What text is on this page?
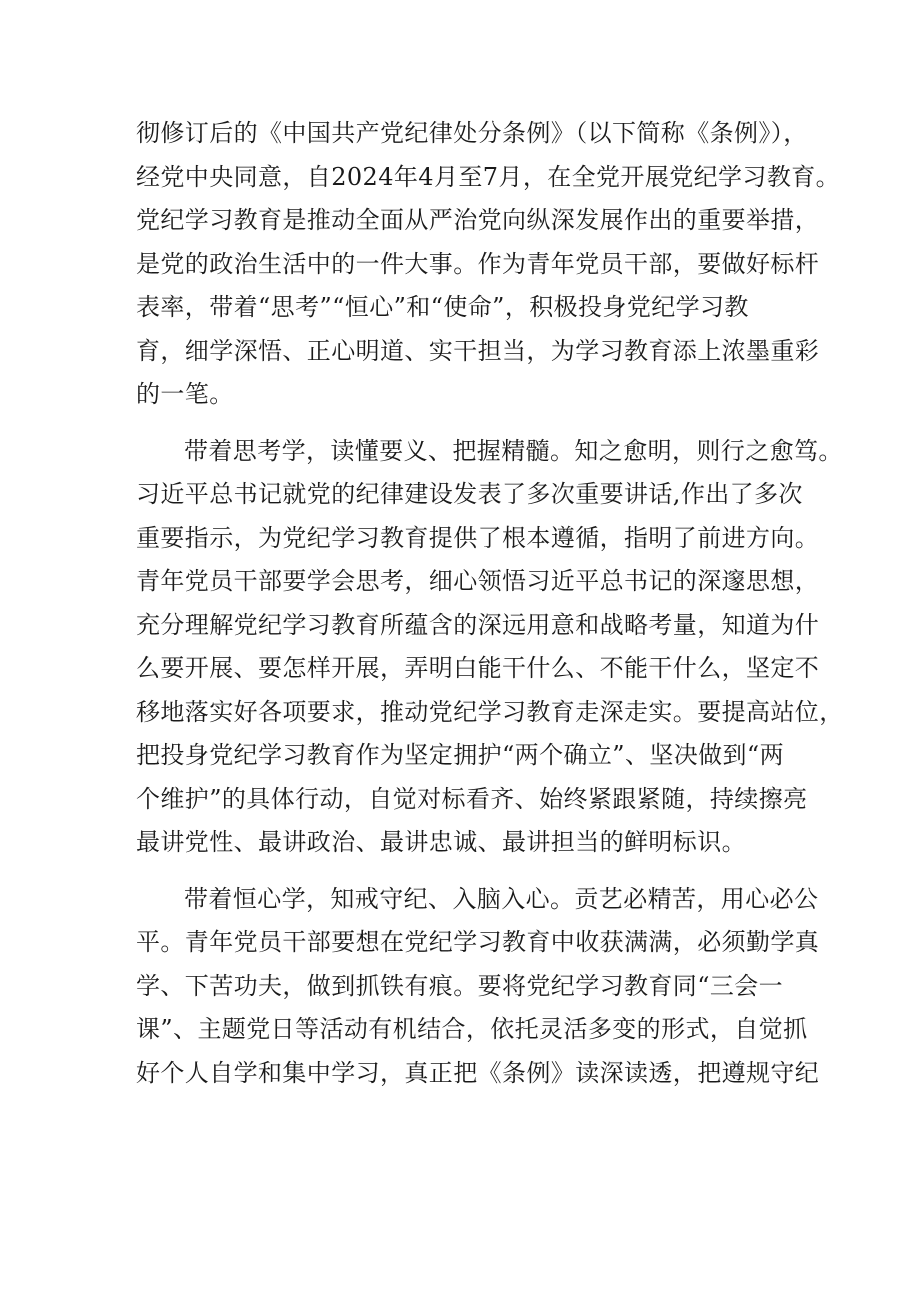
彻修订后的《中国共产党纪律处分条例》（以下简称《条例》），
经党中央同意，自2024年4月至7月，在全党开展党纪学习教育。
党纪学习教育是推动全面从严治党向纵深发展作出的重要举措，
是党的政治生活中的一件大事。作为青年党员干部，要做好标杆
表率，带着“思考”“恒心”和“使命”，积极投身党纪学习教
育，细学深悟、正心明道、实干担当，为学习教育添上浓墨重彩
的一笔。
带着思考学，读懂要义、把握精髓。知之愈明，则行之愈笃。
习近平总书记就党的纪律建设发表了多次重要讲话,作出了多次
重要指示，为党纪学习教育提供了根本遵循，指明了前进方向。
青年党员干部要学会思考，细心领悟习近平总书记的深邃思想，
充分理解党纪学习教育所蕴含的深远用意和战略考量，知道为什
么要开展、要怎样开展，弄明白能干什么、不能干什么，坚定不
移地落实好各项要求，推动党纪学习教育走深走实。要提高站位，
把投身党纪学习教育作为坚定拥护“两个确立”、坚决做到“两
个维护”的具体行动，自觉对标看齐、始终紧跟紧随，持续擦亮
最讲党性、最讲政治、最讲忠诚、最讲担当的鲜明标识。
带着恒心学，知戒守纪、入脑入心。贡艺必精苦，用心必公
平。青年党员干部要想在党纪学习教育中收获满满，必须勤学真
学、下苦功夫，做到抓铁有痕。要将党纪学习教育同“三会一
课”、主题党日等活动有机结合，依托灵活多变的形式，自觉抓
好个人自学和集中学习，真正把《条例》读深读透，把遵规守纪
